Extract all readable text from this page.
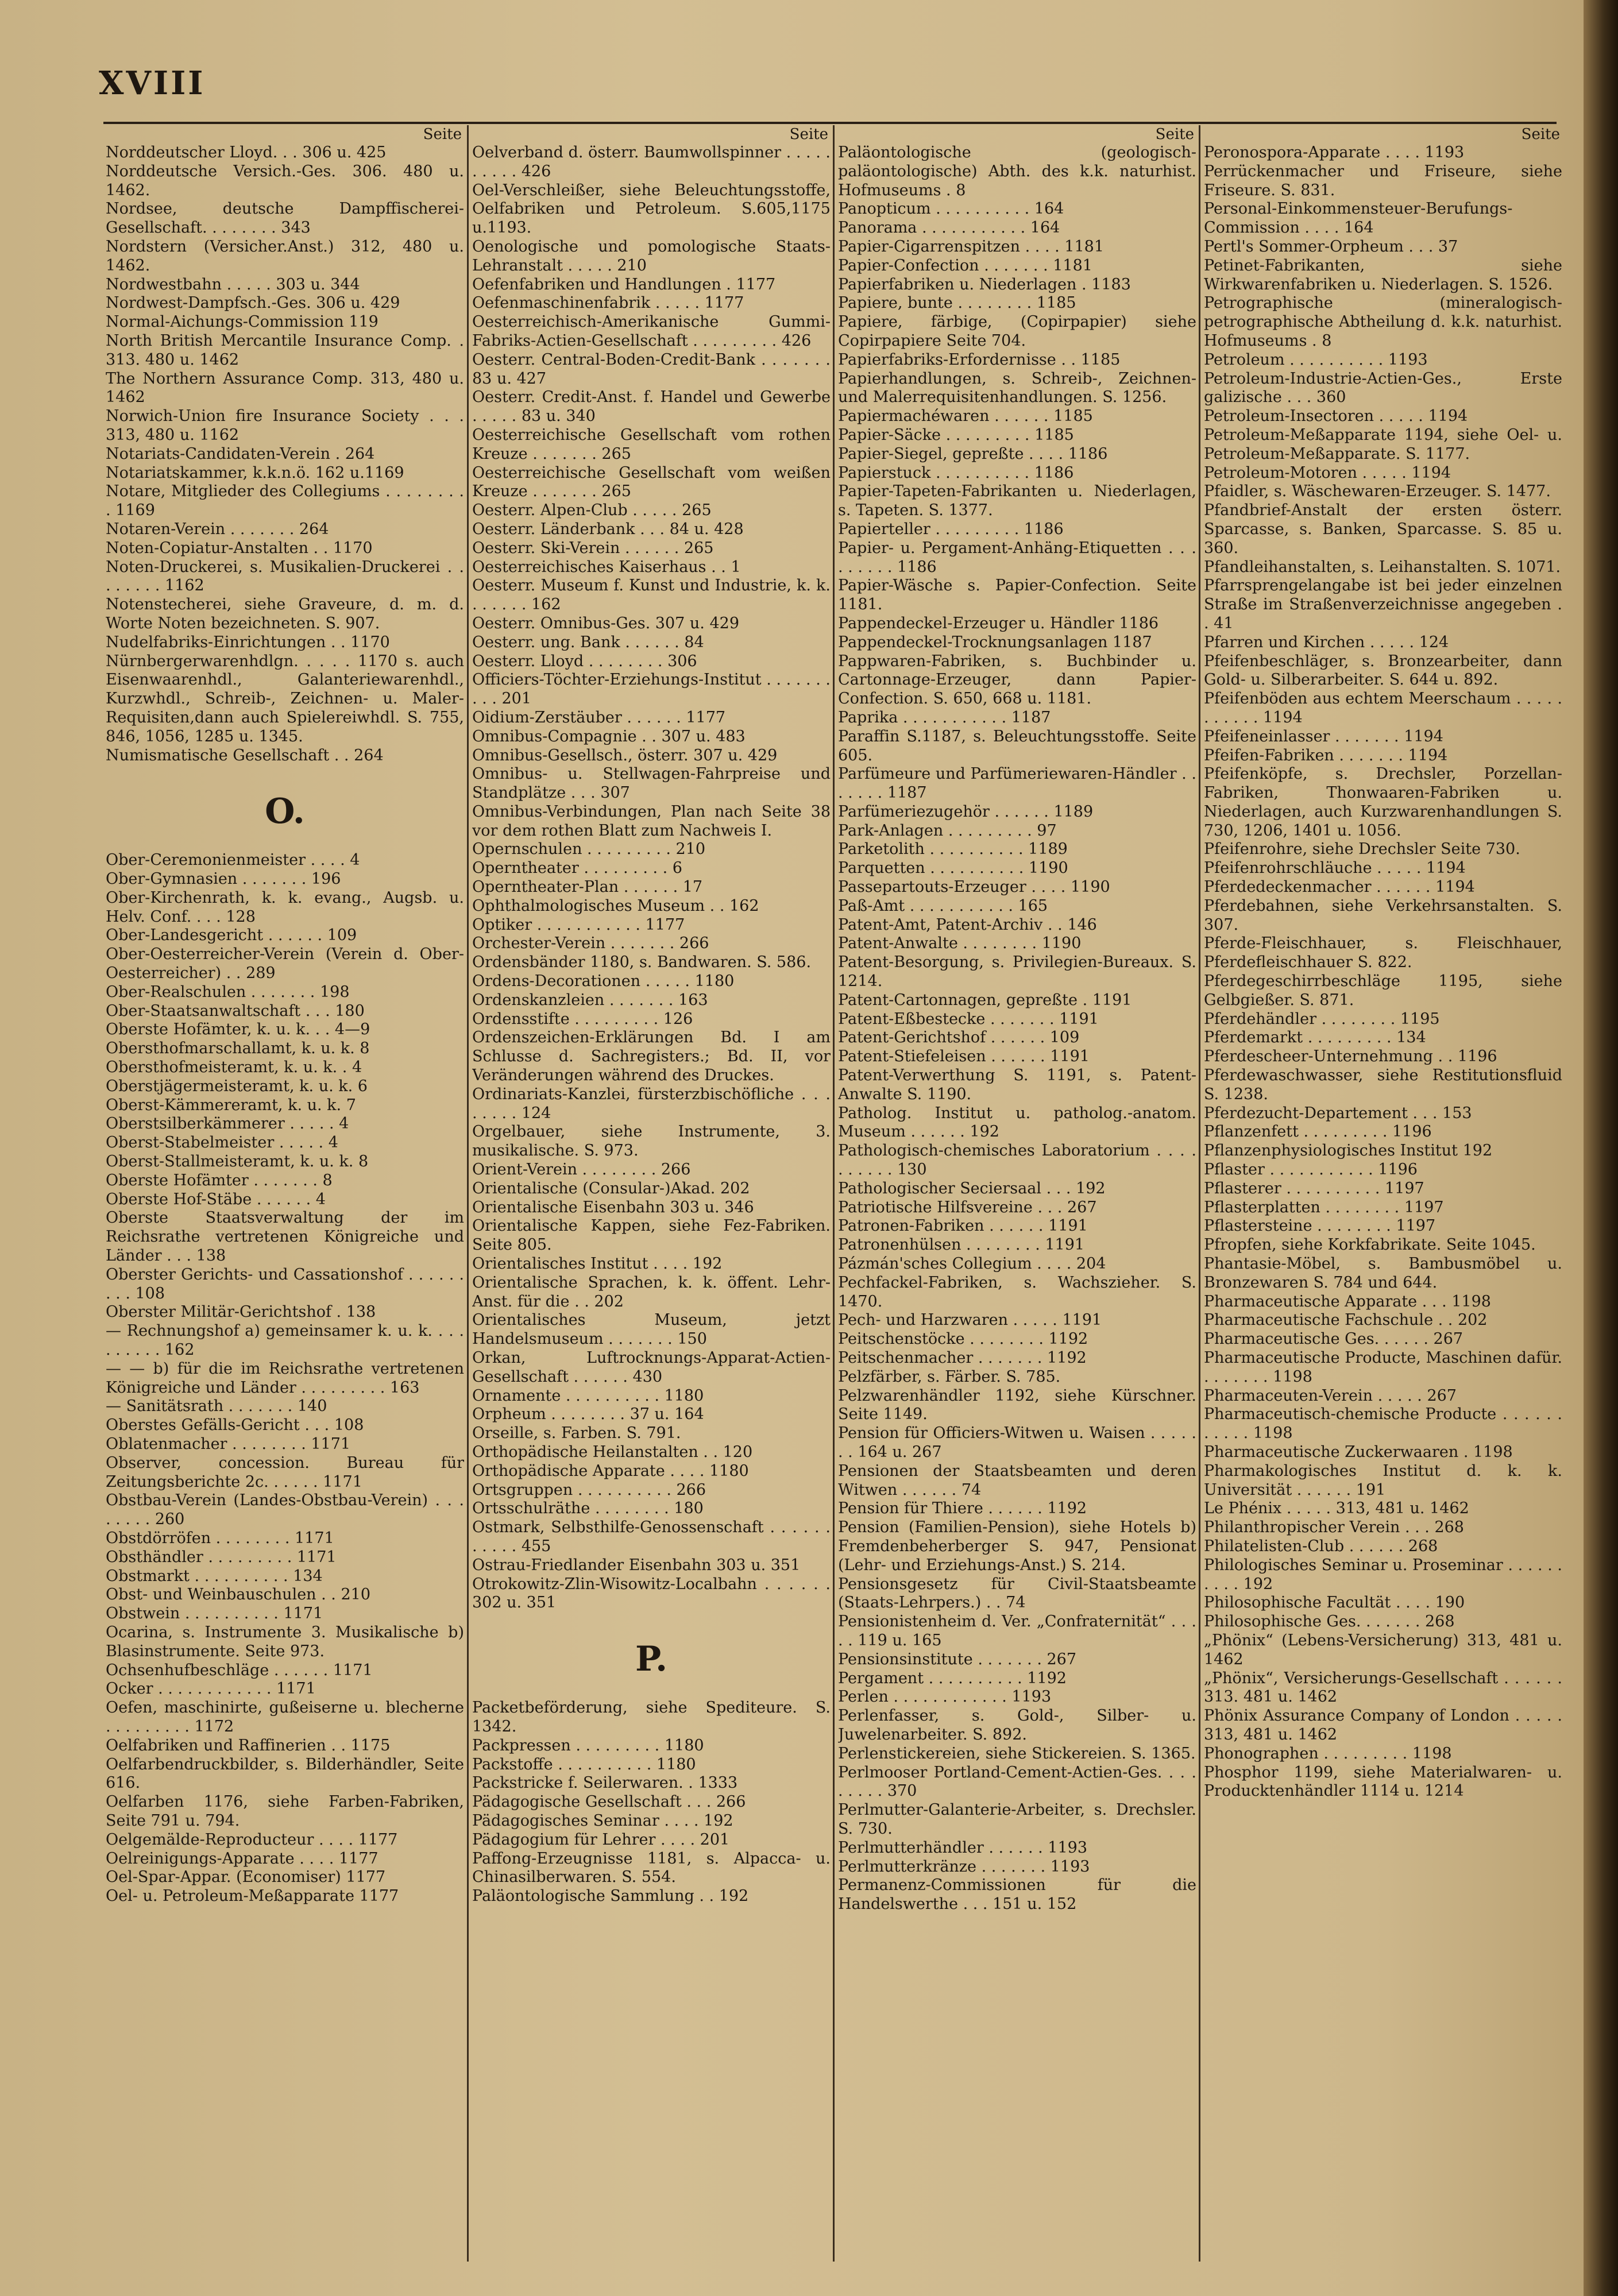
XVIII
Seite
Norddeutscher Lloyd. . . 306 u. 425
Norddeutsche Versich.-Ges. 306. 480 u. 1462.
Nordsee, deutsche Dampffischerei-Gesellschaft. . . . . . . . 343
Nordstern (Versicher.Anst.) 312, 480 u. 1462.
Nordwestbahn . . . . . 303 u. 344
Nordwest-Dampfsch.-Ges. 306 u. 429
Normal-Aichungs-Commission 119
North British Mercantile Insurance Comp. . 313. 480 u. 1462
The Northern Assurance Comp. 313, 480 u. 1462
Norwich-Union fire Insurance Society . . . 313, 480 u. 1162
Notariats-Candidaten-Verein . 264
Notariatskammer, k.k.n.ö. 162 u.1169
Notare, Mitglieder des Collegiums . . . . . . . . . 1169
Notaren-Verein . . . . . . . 264
Noten-Copiatur-Anstalten . . 1170
Noten-Druckerei, s. Musikalien-Druckerei . . . . . . . . 1162
Notenstecherei, siehe Graveure, d. m. d. Worte Noten bezeichneten. S. 907.
Nudelfabriks-Einrichtungen . . 1170
Nürnbergerwarenhdlgn. . . . . 1170 s. auch Eisenwaarenhdl., Galanteriewarenhdl., Kurzwhdl., Schreib-, Zeichnen- u. Maler-Requisiten,dann auch Spielereiwhdl. S. 755, 846, 1056, 1285 u. 1345.
Numismatische Gesellschaft . . 264
O.
Ober-Ceremonienmeister . . . . 4
Ober-Gymnasien . . . . . . . 196
Ober-Kirchenrath, k. k. evang., Augsb. u. Helv. Conf. . . . 128
Ober-Landesgericht . . . . . . 109
Ober-Oesterreicher-Verein (Verein d. Ober-Oesterreicher) . . 289
Ober-Realschulen . . . . . . . 198
Ober-Staatsanwaltschaft . . . 180
Oberste Hofämter, k. u. k. . . 4—9
Obersthofmarschallamt, k. u. k. 8
Obersthofmeisteramt, k. u. k. . 4
Oberstjägermeisteramt, k. u. k. 6
Oberst-Kämmereramt, k. u. k. 7
Oberstsilberkämmerer . . . . . 4
Oberst-Stabelmeister . . . . . 4
Oberst-Stallmeisteramt, k. u. k. 8
Oberste Hofämter . . . . . . . 8
Oberste Hof-Stäbe . . . . . . 4
Oberste Staatsverwaltung der im Reichsrathe vertretenen Königreiche und Länder . . . 138
Oberster Gerichts- und Cassationshof . . . . . . . . . 108
Oberster Militär-Gerichtshof . 138
— Rechnungshof a) gemeinsamer k. u. k. . . . . . . . . . 162
— — b) für die im Reichsrathe vertretenen Königreiche und Länder . . . . . . . . . 163
— Sanitätsrath . . . . . . . 140
Oberstes Gefälls-Gericht . . . 108
Oblatenmacher . . . . . . . . 1171
Observer, concession. Bureau für Zeitungsberichte 2c. . . . . . 1171
Obstbau-Verein (Landes-Obstbau-Verein) . . . . . . . . 260
Obstdörröfen . . . . . . . . 1171
Obsthändler . . . . . . . . . 1171
Obstmarkt . . . . . . . . . . 134
Obst- und Weinbauschulen . . 210
Obstwein . . . . . . . . . . 1171
Ocarina, s. Instrumente 3. Musikalische b) Blasinstrumente. Seite 973.
Ochsenhufbeschläge . . . . . . 1171
Ocker . . . . . . . . . . . . 1171
Oefen, maschinirte, gußeiserne u. blecherne . . . . . . . . . 1172
Oelfabriken und Raffinerien . . 1175
Oelfarbendruckbilder, s. Bilderhändler, Seite 616.
Oelfarben 1176, siehe Farben-Fabriken, Seite 791 u. 794.
Oelgemälde-Reproducteur . . . . 1177
Oelreinigungs-Apparate . . . . 1177
Oel-Spar-Appar. (Economiser) 1177
Oel- u. Petroleum-Meßapparate 1177
Seite
Oelverband d. österr. Baumwollspinner . . . . . . . . . . 426
Oel-Verschleißer, siehe Beleuchtungsstoffe, Oelfabriken und Petroleum. S.605,1175 u.1193.
Oenologische und pomologische Staats-Lehranstalt . . . . . 210
Oefenfabriken und Handlungen . 1177
Oefenmaschinenfabrik . . . . . 1177
Oesterreichisch-Amerikanische Gummi-Fabriks-Actien-Gesellschaft . . . . . . . . . 426
Oesterr. Central-Boden-Credit-Bank . . . . . . . 83 u. 427
Oesterr. Credit-Anst. f. Handel und Gewerbe . . . . . 83 u. 340
Oesterreichische Gesellschaft vom rothen Kreuze . . . . . . . 265
Oesterreichische Gesellschaft vom weißen Kreuze . . . . . . . 265
Oesterr. Alpen-Club . . . . . 265
Oesterr. Länderbank . . . 84 u. 428
Oesterr. Ski-Verein . . . . . . 265
Oesterreichisches Kaiserhaus . . 1
Oesterr. Museum f. Kunst und Industrie, k. k. . . . . . . 162
Oesterr. Omnibus-Ges. 307 u. 429
Oesterr. ung. Bank . . . . . . 84
Oesterr. Lloyd . . . . . . . . 306
Officiers-Töchter-Erziehungs-Institut . . . . . . . . . . 201
Oidium-Zerstäuber . . . . . . 1177
Omnibus-Compagnie . . 307 u. 483
Omnibus-Gesellsch., österr. 307 u. 429
Omnibus- u. Stellwagen-Fahrpreise und Standplätze . . . 307
Omnibus-Verbindungen, Plan nach Seite 38 vor dem rothen Blatt zum Nachweis I.
Opernschulen . . . . . . . . . 210
Operntheater . . . . . . . . . 6
Operntheater-Plan . . . . . . 17
Ophthalmologisches Museum . . 162
Optiker . . . . . . . . . . . 1177
Orchester-Verein . . . . . . . 266
Ordensbänder 1180, s. Bandwaren. S. 586.
Ordens-Decorationen . . . . . 1180
Ordenskanzleien . . . . . . . 163
Ordensstifte . . . . . . . . . 126
Ordenszeichen-Erklärungen Bd. I am Schlusse d. Sachregisters.; Bd. II, vor Veränderungen während des Druckes.
Ordinariats-Kanzlei, fürsterzbischöfliche . . . . . . . . 124
Orgelbauer, siehe Instrumente, 3. musikalische. S. 973.
Orient-Verein . . . . . . . . 266
Orientalische (Consular-)Akad. 202
Orientalische Eisenbahn 303 u. 346
Orientalische Kappen, siehe Fez-Fabriken. Seite 805.
Orientalisches Institut . . . . 192
Orientalische Sprachen, k. k. öffent. Lehr-Anst. für die . . 202
Orientalisches Museum, jetzt Handelsmuseum . . . . . . . 150
Orkan, Luftrocknungs-Apparat-Actien-Gesellschaft . . . . . . 430
Ornamente . . . . . . . . . . 1180
Orpheum . . . . . . . . 37 u. 164
Orseille, s. Farben. S. 791.
Orthopädische Heilanstalten . . 120
Orthopädische Apparate . . . . 1180
Ortsgruppen . . . . . . . . . . 266
Ortsschulräthe . . . . . . . . 180
Ostmark, Selbsthilfe-Genossenschaft . . . . . . . . . . . 455
Ostrau-Friedlander Eisenbahn 303 u. 351
Otrokowitz-Zlin-Wisowitz-Localbahn . . . . . . 302 u. 351
P.
Packetbeförderung, siehe Spediteure. S. 1342.
Packpressen . . . . . . . . . 1180
Packstoffe . . . . . . . . . . 1180
Packstricke f. Seilerwaren. . 1333
Pädagogische Gesellschaft . . . 266
Pädagogisches Seminar . . . . 192
Pädagogium für Lehrer . . . . 201
Paffong-Erzeugnisse 1181, s. Alpacca- u. Chinasilberwaren. S. 554.
Paläontologische Sammlung . . 192
Seite
Paläontologische (geologisch-paläontologische) Abth. des k.k. naturhist. Hofmuseums . 8
Panopticum . . . . . . . . . . 164
Panorama . . . . . . . . . . . 164
Papier-Cigarrenspitzen . . . . 1181
Papier-Confection . . . . . . . 1181
Papierfabriken u. Niederlagen . 1183
Papiere, bunte . . . . . . . . 1185
Papiere, färbige, (Copirpapier) siehe Copirpapiere Seite 704.
Papierfabriks-Erfordernisse . . 1185
Papierhandlungen, s. Schreib-, Zeichnen- und Malerrequisitenhandlungen. S. 1256.
Papiermachéwaren . . . . . . 1185
Papier-Säcke . . . . . . . . . 1185
Papier-Siegel, gepreßte . . . . 1186
Papierstuck . . . . . . . . . . 1186
Papier-Tapeten-Fabrikanten u. Niederlagen, s. Tapeten. S. 1377.
Papierteller . . . . . . . . . 1186
Papier- u. Pergament-Anhäng-Etiquetten . . . . . . . . . 1186
Papier-Wäsche s. Papier-Confection. Seite 1181.
Pappendeckel-Erzeuger u. Händler 1186
Pappendeckel-Trocknungsanlagen 1187
Pappwaren-Fabriken, s. Buchbinder u. Cartonnage-Erzeuger, dann Papier-Confection. S. 650, 668 u. 1181.
Paprika . . . . . . . . . . . 1187
Paraffin S.1187, s. Beleuchtungsstoffe. Seite 605.
Parfümeure und Parfümeriewaren-Händler . . . . . . . 1187
Parfümeriezugehör . . . . . . 1189
Park-Anlagen . . . . . . . . . 97
Parketolith . . . . . . . . . . 1189
Parquetten . . . . . . . . . . 1190
Passepartouts-Erzeuger . . . . 1190
Paß-Amt . . . . . . . . . . . 165
Patent-Amt, Patent-Archiv . . 146
Patent-Anwalte . . . . . . . . 1190
Patent-Besorgung, s. Privilegien-Bureaux. S. 1214.
Patent-Cartonnagen, gepreßte . 1191
Patent-Eßbestecke . . . . . . . 1191
Patent-Gerichtshof . . . . . . 109
Patent-Stiefeleisen . . . . . . 1191
Patent-Verwerthung S. 1191, s. Patent-Anwalte S. 1190.
Patholog. Institut u. patholog.-anatom. Museum . . . . . . 192
Pathologisch-chemisches Laboratorium . . . . . . . . . . 130
Pathologischer Seciersaal . . . 192
Patriotische Hilfsvereine . . . 267
Patronen-Fabriken . . . . . . 1191
Patronenhülsen . . . . . . . . 1191
Pázmán'sches Collegium . . . . 204
Pechfackel-Fabriken, s. Wachszieher. S. 1470.
Pech- und Harzwaren . . . . . 1191
Peitschenstöcke . . . . . . . . 1192
Peitschenmacher . . . . . . . 1192
Pelzfärber, s. Färber. S. 785.
Pelzwarenhändler 1192, siehe Kürschner. Seite 1149.
Pension für Officiers-Witwen u. Waisen . . . . . . . 164 u. 267
Pensionen der Staatsbeamten und deren Witwen . . . . . . 74
Pension für Thiere . . . . . . 1192
Pension (Familien-Pension), siehe Hotels b) Fremdenbeherberger S. 947, Pensionat (Lehr- und Erziehungs-Anst.) S. 214.
Pensionsgesetz für Civil-Staatsbeamte (Staats-Lehrpers.) . . 74
Pensionistenheim d. Ver. „Confraternität“ . . . . . 119 u. 165
Pensionsinstitute . . . . . . . 267
Pergament . . . . . . . . . . 1192
Perlen . . . . . . . . . . . . 1193
Perlenfasser, s. Gold-, Silber- u. Juwelenarbeiter. S. 892.
Perlenstickereien, siehe Stickereien. S. 1365.
Perlmooser Portland-Cement-Actien-Ges. . . . . . . . . 370
Perlmutter-Galanterie-Arbeiter, s. Drechsler. S. 730.
Perlmutterhändler . . . . . . 1193
Perlmutterkränze . . . . . . . 1193
Permanenz-Commissionen für die Handelswerthe . . . 151 u. 152
Seite
Peronospora-Apparate . . . . 1193
Perrückenmacher und Friseure, siehe Friseure. S. 831.
Personal-Einkommensteuer-Berufungs-Commission . . . . 164
Pertl's Sommer-Orpheum . . . 37
Petinet-Fabrikanten, siehe Wirkwarenfabriken u. Niederlagen. S. 1526.
Petrographische (mineralogisch-petrographische Abtheilung d. k.k. naturhist. Hofmuseums . 8
Petroleum . . . . . . . . . . 1193
Petroleum-Industrie-Actien-Ges., Erste galizische . . . 360
Petroleum-Insectoren . . . . . 1194
Petroleum-Meßapparate 1194, siehe Oel- u. Petroleum-Meßapparate. S. 1177.
Petroleum-Motoren . . . . . 1194
Pfaidler, s. Wäschewaren-Erzeuger. S. 1477.
Pfandbrief-Anstalt der ersten österr. Sparcasse, s. Banken, Sparcasse. S. 85 u. 360.
Pfandleihanstalten, s. Leihanstalten. S. 1071.
Pfarrsprengelangabe ist bei jeder einzelnen Straße im Straßenverzeichnisse angegeben . . 41
Pfarren und Kirchen . . . . . 124
Pfeifenbeschläger, s. Bronzearbeiter, dann Gold- u. Silberarbeiter. S. 644 u. 892.
Pfeifenböden aus echtem Meerschaum . . . . . . . . . . . 1194
Pfeifeneinlasser . . . . . . . 1194
Pfeifen-Fabriken . . . . . . . 1194
Pfeifenköpfe, s. Drechsler, Porzellan-Fabriken, Thonwaaren-Fabriken u. Niederlagen, auch Kurzwarenhandlungen S. 730, 1206, 1401 u. 1056.
Pfeifenrohre, siehe Drechsler Seite 730.
Pfeifenrohrschläuche . . . . . 1194
Pferdedeckenmacher . . . . . . 1194
Pferdebahnen, siehe Verkehrsanstalten. S. 307.
Pferde-Fleischhauer, s. Fleischhauer, Pferdefleischhauer S. 822.
Pferdegeschirrbeschläge 1195, siehe Gelbgießer. S. 871.
Pferdehändler . . . . . . . . 1195
Pferdemarkt . . . . . . . . . 134
Pferdescheer-Unternehmung . . 1196
Pferdewaschwasser, siehe Restitutionsfluid S. 1238.
Pferdezucht-Departement . . . 153
Pflanzenfett . . . . . . . . . 1196
Pflanzenphysiologisches Institut 192
Pflaster . . . . . . . . . . . 1196
Pflasterer . . . . . . . . . . 1197
Pflasterplatten . . . . . . . . 1197
Pflastersteine . . . . . . . . 1197
Pfropfen, siehe Korkfabrikate. Seite 1045.
Phantasie-Möbel, s. Bambusmöbel u. Bronzewaren S. 784 und 644.
Pharmaceutische Apparate . . . 1198
Pharmaceutische Fachschule . . 202
Pharmaceutische Ges. . . . . . 267
Pharmaceutische Producte, Maschinen dafür. . . . . . . . 1198
Pharmaceuten-Verein . . . . . 267
Pharmaceutisch-chemische Producte . . . . . . . . . . . 1198
Pharmaceutische Zuckerwaaren . 1198
Pharmakologisches Institut d. k. k. Universität . . . . . . 191
Le Phénix . . . . . 313, 481 u. 1462
Philanthropischer Verein . . . 268
Philatelisten-Club . . . . . . 268
Philologisches Seminar u. Proseminar . . . . . . . . . . 192
Philosophische Facultät . . . . 190
Philosophische Ges. . . . . . . 268
„Phönix“ (Lebens-Versicherung) 313, 481 u. 1462
„Phönix“, Versicherungs-Gesellschaft . . . . . . 313. 481 u. 1462
Phönix Assurance Company of London . . . . . 313, 481 u. 1462
Phonographen . . . . . . . . . 1198
Phosphor 1199, siehe Materialwaren- u. Producktenhändler 1114 u. 1214
